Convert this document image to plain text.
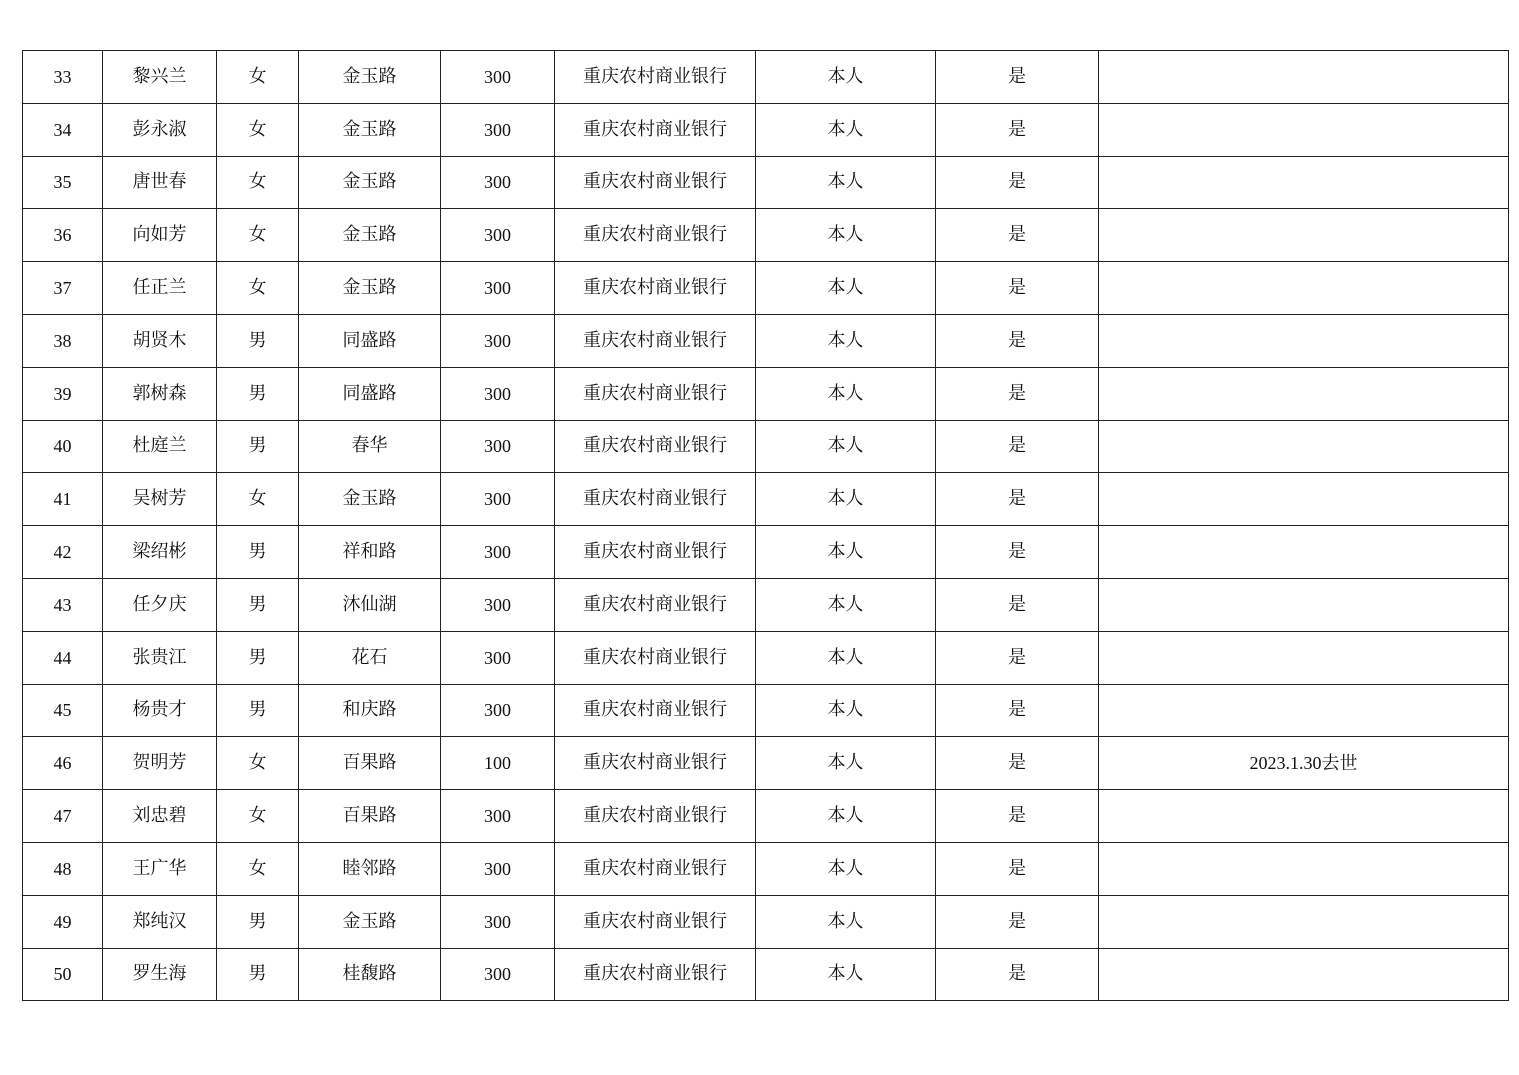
33	黎兴兰	女	金玉路	300	重庆农村商业银行	本人	是	
34	彭永淑	女	金玉路	300	重庆农村商业银行	本人	是	
35	唐世春	女	金玉路	300	重庆农村商业银行	本人	是	
36	向如芳	女	金玉路	300	重庆农村商业银行	本人	是	
37	任正兰	女	金玉路	300	重庆农村商业银行	本人	是	
38	胡贤木	男	同盛路	300	重庆农村商业银行	本人	是	
39	郭树森	男	同盛路	300	重庆农村商业银行	本人	是	
40	杜庭兰	男	春华	300	重庆农村商业银行	本人	是	
41	吴树芳	女	金玉路	300	重庆农村商业银行	本人	是	
42	梁绍彬	男	祥和路	300	重庆农村商业银行	本人	是	
43	任夕庆	男	沐仙湖	300	重庆农村商业银行	本人	是	
44	张贵江	男	花石	300	重庆农村商业银行	本人	是	
45	杨贵才	男	和庆路	300	重庆农村商业银行	本人	是	
46	贺明芳	女	百果路	100	重庆农村商业银行	本人	是	2023.1.30去世
47	刘忠碧	女	百果路	300	重庆农村商业银行	本人	是	
48	王广华	女	睦邻路	300	重庆农村商业银行	本人	是	
49	郑纯汉	男	金玉路	300	重庆农村商业银行	本人	是	
50	罗生海	男	桂馥路	300	重庆农村商业银行	本人	是	
